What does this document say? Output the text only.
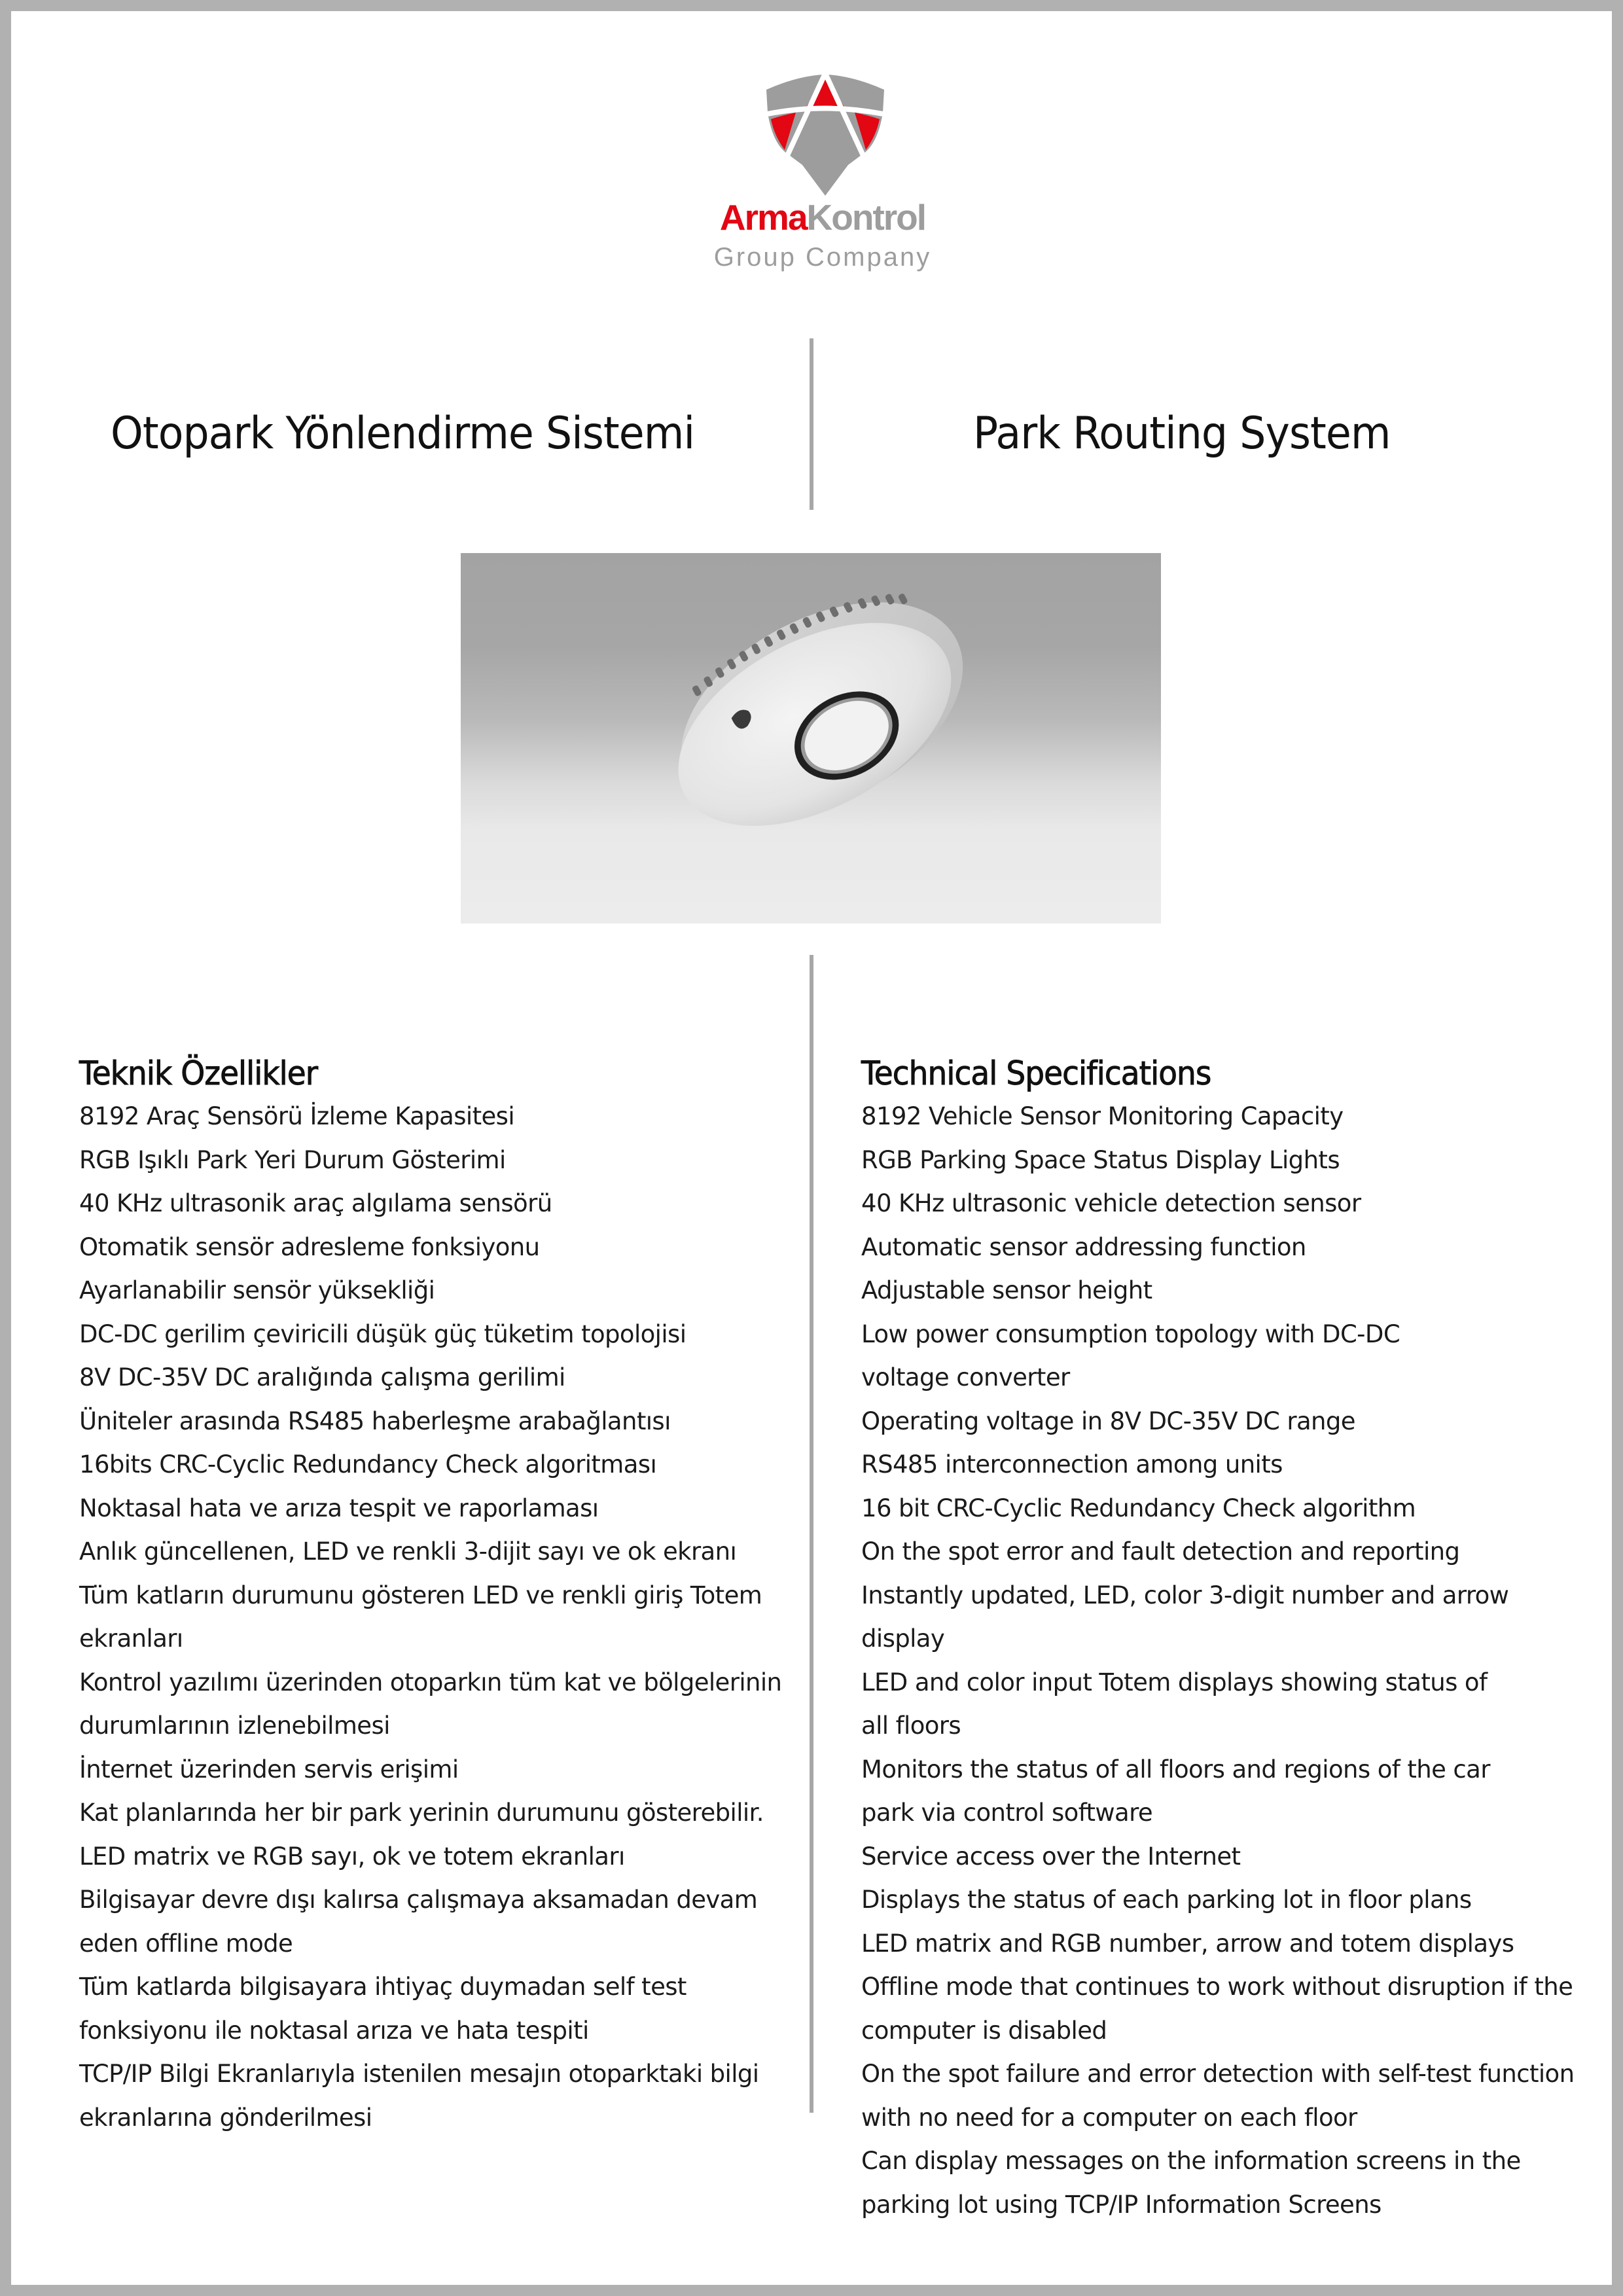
ArmaKontrol
Group Company
Otopark Yönlendirme Sistemi	Park Routing System
Teknik Özellikler
8192 Araç Sensörü İzleme Kapasitesi
RGB Işıklı Park Yeri Durum Gösterimi
40 KHz ultrasonik araç algılama sensörü
Otomatik sensör adresleme fonksiyonu
Ayarlanabilir sensör yüksekliği
DC-DC gerilim çeviricili düşük güç tüketim topolojisi
8V DC-35V DC aralığında çalışma gerilimi
Üniteler arasında RS485 haberleşme arabağlantısı
16bits CRC-Cyclic Redundancy Check algoritması
Noktasal hata ve arıza tespit ve raporlaması
Anlık güncellenen, LED ve renkli 3-dijit sayı ve ok ekranı
Tüm katların durumunu gösteren LED ve renkli giriş Totem
ekranları
Kontrol yazılımı üzerinden otoparkın tüm kat ve bölgelerinin
durumlarının izlenebilmesi
İnternet üzerinden servis erişimi
Kat planlarında her bir park yerinin durumunu gösterebilir.
LED matrix ve RGB sayı, ok ve totem ekranları
Bilgisayar devre dışı kalırsa çalışmaya aksamadan devam
eden offline mode
Tüm katlarda bilgisayara ihtiyaç duymadan self test
fonksiyonu ile noktasal arıza ve hata tespiti
TCP/IP Bilgi Ekranlarıyla istenilen mesajın otoparktaki bilgi
ekranlarına gönderilmesi
Technical Specifications
8192 Vehicle Sensor Monitoring Capacity
RGB Parking Space Status Display Lights
40 KHz ultrasonic vehicle detection sensor
Automatic sensor addressing function
Adjustable sensor height
Low power consumption topology with DC-DC
voltage converter
Operating voltage in 8V DC-35V DC range
RS485 interconnection among units
16 bit CRC-Cyclic Redundancy Check algorithm
On the spot error and fault detection and reporting
Instantly updated, LED, color 3-digit number and arrow
display
LED and color input Totem displays showing status of
all floors
Monitors the status of all floors and regions of the car
park via control software
Service access over the Internet
Displays the status of each parking lot in floor plans
LED matrix and RGB number, arrow and totem displays
Offline mode that continues to work without disruption if the
computer is disabled
On the spot failure and error detection with self-test function
with no need for a computer on each floor
Can display messages on the information screens in the
parking lot using TCP/IP Information Screens
